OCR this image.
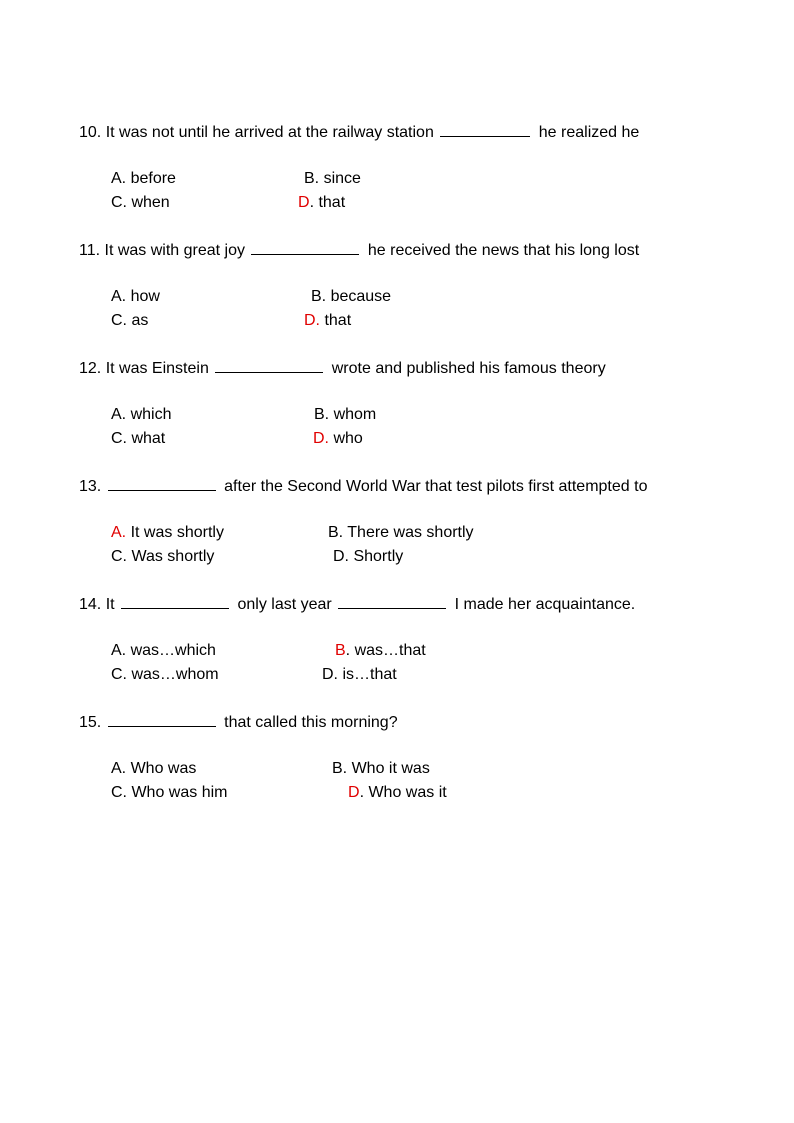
10. It was not until he arrived at the railway station	he realized he
A. before	B. since
C. when	D. that
11. It was with great joy	he received the news that his long lost
A. how	B. because
C. as	D. that
12. It was Einstein	wrote and published his famous theory
A. which	B. whom
C. what	D. who
13.	after the Second World War that test pilots first attempted to
A. It was shortly	B. There was shortly
C. Was shortly	D. Shortly
14. It	only last year	I made her acquaintance.
A. was…which	B. was…that
C. was…whom	D. is…that
15.	that called this morning?
A. Who was	B. Who it was
C. Who was him	D. Who was it
